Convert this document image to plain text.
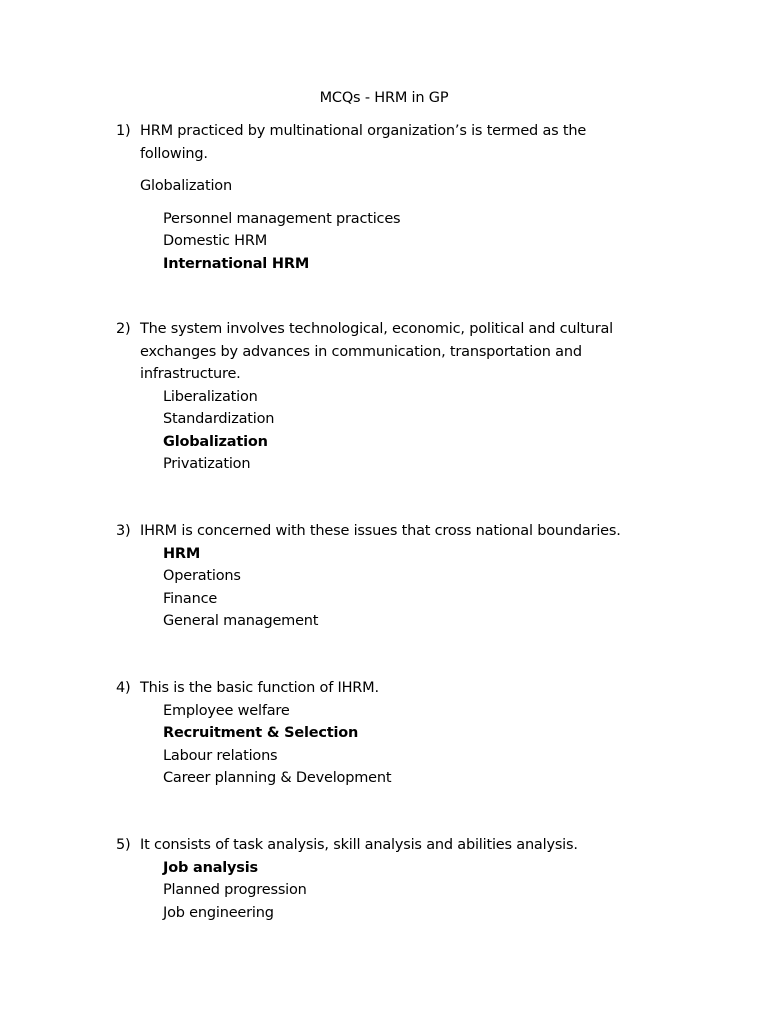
MCQs - HRM in GP
1) HRM practiced by multinational organization’s is termed as the
following.
Globalization
Personnel management practices
Domestic HRM
International HRM
2) The system involves technological, economic, political and cultural
exchanges by advances in communication, transportation and
infrastructure.
Liberalization
Standardization
Globalization
Privatization
3) IHRM is concerned with these issues that cross national boundaries.
HRM
Operations
Finance
General management
4) This is the basic function of IHRM.
Employee welfare
Recruitment & Selection
Labour relations
Career planning & Development
5) It consists of task analysis, skill analysis and abilities analysis.
Job analysis
Planned progression
Job engineering
